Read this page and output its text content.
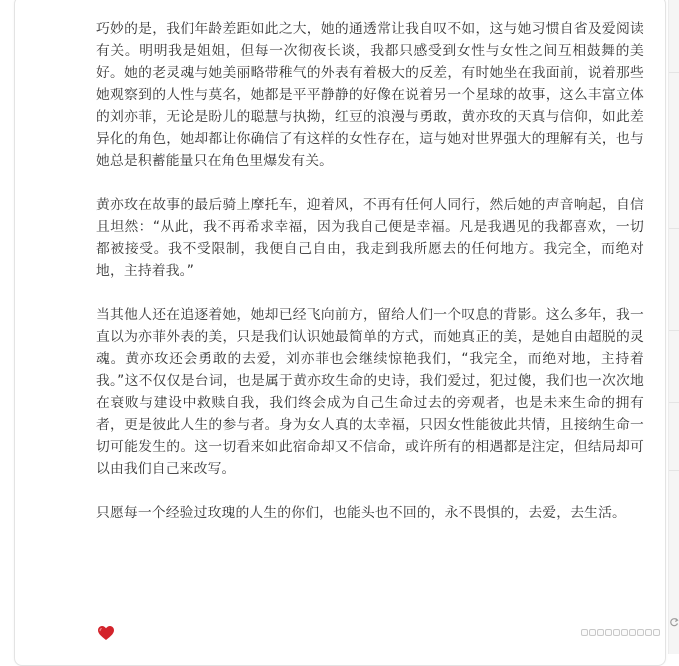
巧妙的是，我们年龄差距如此之大，她的通透常让我自叹不如，这与她习惯自省及爱阅读有关。明明我是姐姐，但每一次彻夜长谈，我都只感受到女性与女性之间互相鼓舞的美好。她的老灵魂与她美丽略带稚气的外表有着极大的反差，有时她坐在我面前，说着那些她观察到的人性与莫名，她都是平平静静的好像在说着另一个星球的故事，这么丰富立体的刘亦菲，无论是盼儿的聪慧与执拗，红豆的浪漫与勇敢，黄亦玫的天真与信仰，如此差异化的角色，她却都让你确信了有这样的女性存在，這与她对世界强大的理解有关，也与她总是积蓄能量只在角色里爆发有关。

黄亦玫在故事的最后骑上摩托车，迎着风，不再有任何人同行，然后她的声音响起，自信且坦然：“从此，我不再希求幸福，因为我自己便是幸福。凡是我遇见的我都喜欢，一切都被接受。我不受限制，我便自己自由，我走到我所愿去的任何地方。我完全，而绝对地，主持着我。”

当其他人还在追逐着她，她却已经飞向前方，留给人们一个叹息的背影。这么多年，我一直以为亦菲外表的美，只是我们认识她最简单的方式，而她真正的美，是她自由超脱的灵魂。黄亦玫还会勇敢的去爱，刘亦菲也会继续惊艳我们，“我完全，而绝对地，主持着我。”这不仅仅是台词，也是属于黄亦玫生命的史诗，我们爱过，犯过傻，我们也一次次地在衰败与建设中救赎自我，我们终会成为自己生命过去的旁观者，也是未来生命的拥有者，更是彼此人生的参与者。身为女人真的太幸福，只因女性能彼此共情，且接纳生命一切可能发生的。这一切看来如此宿命却又不信命，或许所有的相遇都是注定，但结局却可以由我们自己来改写。

只愿每一个经验过玫瑰的人生的你们，也能头也不回的，永不畏惧的，去爱，去生活。
